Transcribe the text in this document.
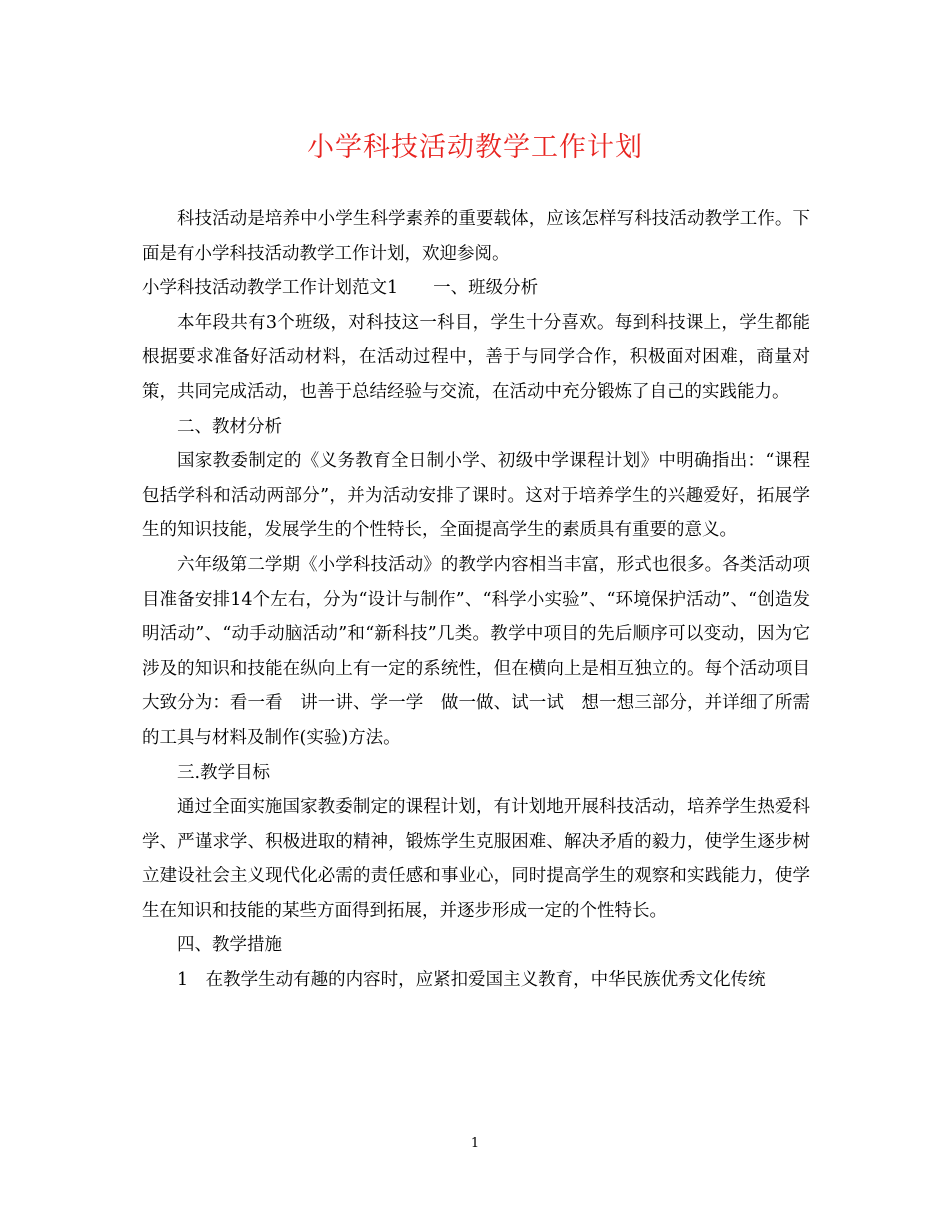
小学科技活动教学工作计划

科技活动是培养中小学生科学素养的重要载体，应该怎样写科技活动教学工作。下面是有小学科技活动教学工作计划，欢迎参阅。

小学科技活动教学工作计划范文1　　一、班级分析

本年段共有3个班级，对科技这一科目，学生十分喜欢。每到科技课上，学生都能根据要求准备好活动材料，在活动过程中，善于与同学合作，积极面对困难，商量对策，共同完成活动，也善于总结经验与交流，在活动中充分锻炼了自己的实践能力。

二、教材分析

国家教委制定的《义务教育全日制小学、初级中学课程计划》中明确指出：“课程包括学科和活动两部分”，并为活动安排了课时。这对于培养学生的兴趣爱好，拓展学生的知识技能，发展学生的个性特长，全面提高学生的素质具有重要的意义。

六年级第二学期《小学科技活动》的教学内容相当丰富，形式也很多。各类活动项目准备安排14个左右，分为“设计与制作”、“科学小实验”、“环境保护活动”、“创造发明活动”、“动手动脑活动”和“新科技”几类。教学中项目的先后顺序可以变动，因为它涉及的知识和技能在纵向上有一定的系统性，但在横向上是相互独立的。每个活动项目大致分为：看一看　讲一讲、学一学　做一做、试一试　想一想三部分，并详细了所需的工具与材料及制作(实验)方法。

三.教学目标

通过全面实施国家教委制定的课程计划，有计划地开展科技活动，培养学生热爱科学、严谨求学、积极进取的精神，锻炼学生克服困难、解决矛盾的毅力，使学生逐步树立建设社会主义现代化必需的责任感和事业心，同时提高学生的观察和实践能力，使学生在知识和技能的某些方面得到拓展，并逐步形成一定的个性特长。

四、教学措施

1　在教学生动有趣的内容时，应紧扣爱国主义教育，中华民族优秀文化传统

1
